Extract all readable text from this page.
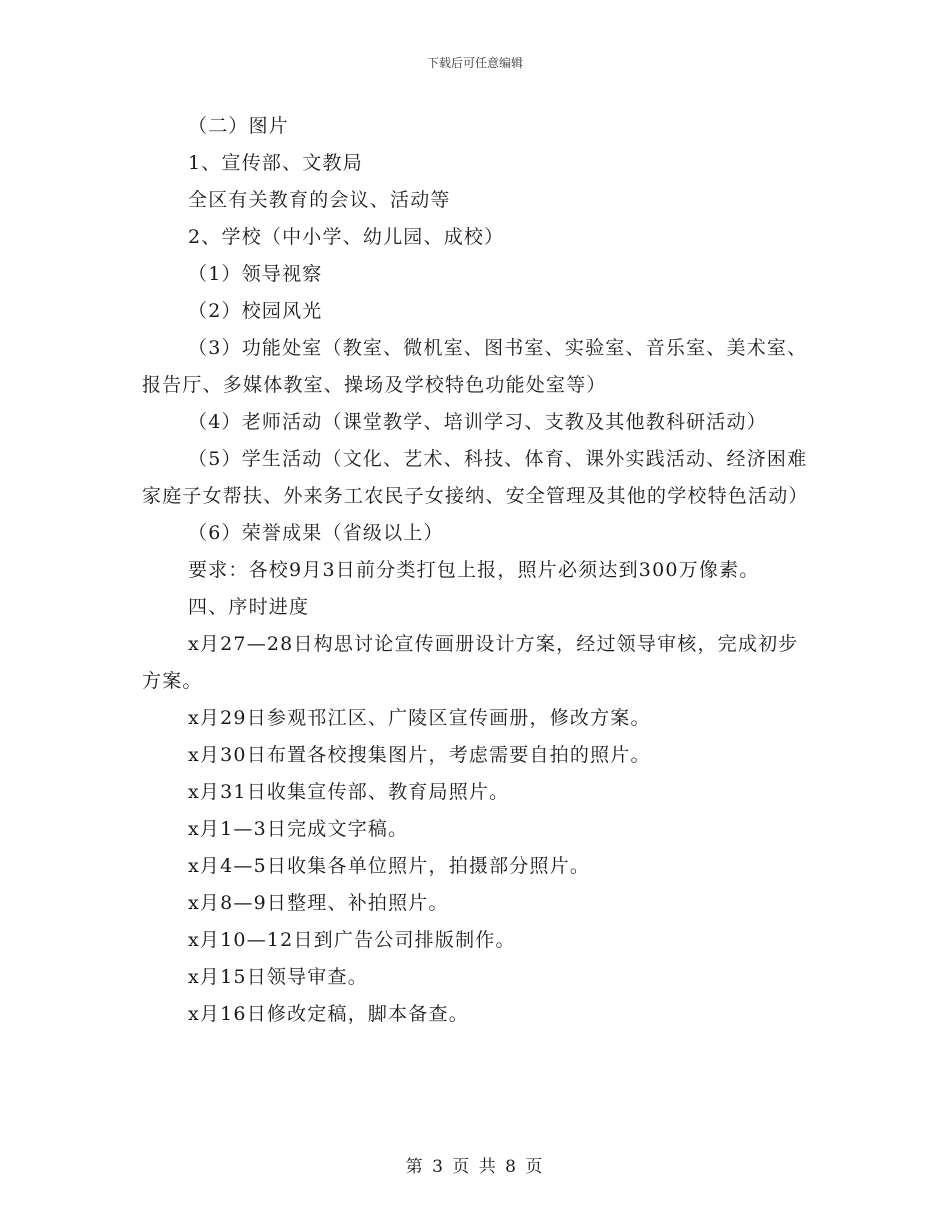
下载后可任意编辑

（二）图片

1、宣传部、文教局

全区有关教育的会议、活动等

2、学校（中小学、幼儿园、成校）

（1）领导视察

（2）校园风光

（3）功能处室（教室、微机室、图书室、实验室、音乐室、美术室、报告厅、多媒体教室、操场及学校特色功能处室等）

（4）老师活动（课堂教学、培训学习、支教及其他教科研活动）

（5）学生活动（文化、艺术、科技、体育、课外实践活动、经济困难家庭子女帮扶、外来务工农民子女接纳、安全管理及其他的学校特色活动）

（6）荣誉成果（省级以上）

要求：各校9月3日前分类打包上报，照片必须达到300万像素。

四、序时进度

x月27—28日构思讨论宣传画册设计方案，经过领导审核，完成初步方案。

x月29日参观邗江区、广陵区宣传画册，修改方案。

x月30日布置各校搜集图片，考虑需要自拍的照片。

x月31日收集宣传部、教育局照片。

x月1—3日完成文字稿。

x月4—5日收集各单位照片，拍摄部分照片。

x月8—9日整理、补拍照片。

x月10—12日到广告公司排版制作。

x月15日领导审查。

x月16日修改定稿，脚本备查。

第 3 页 共 8 页
